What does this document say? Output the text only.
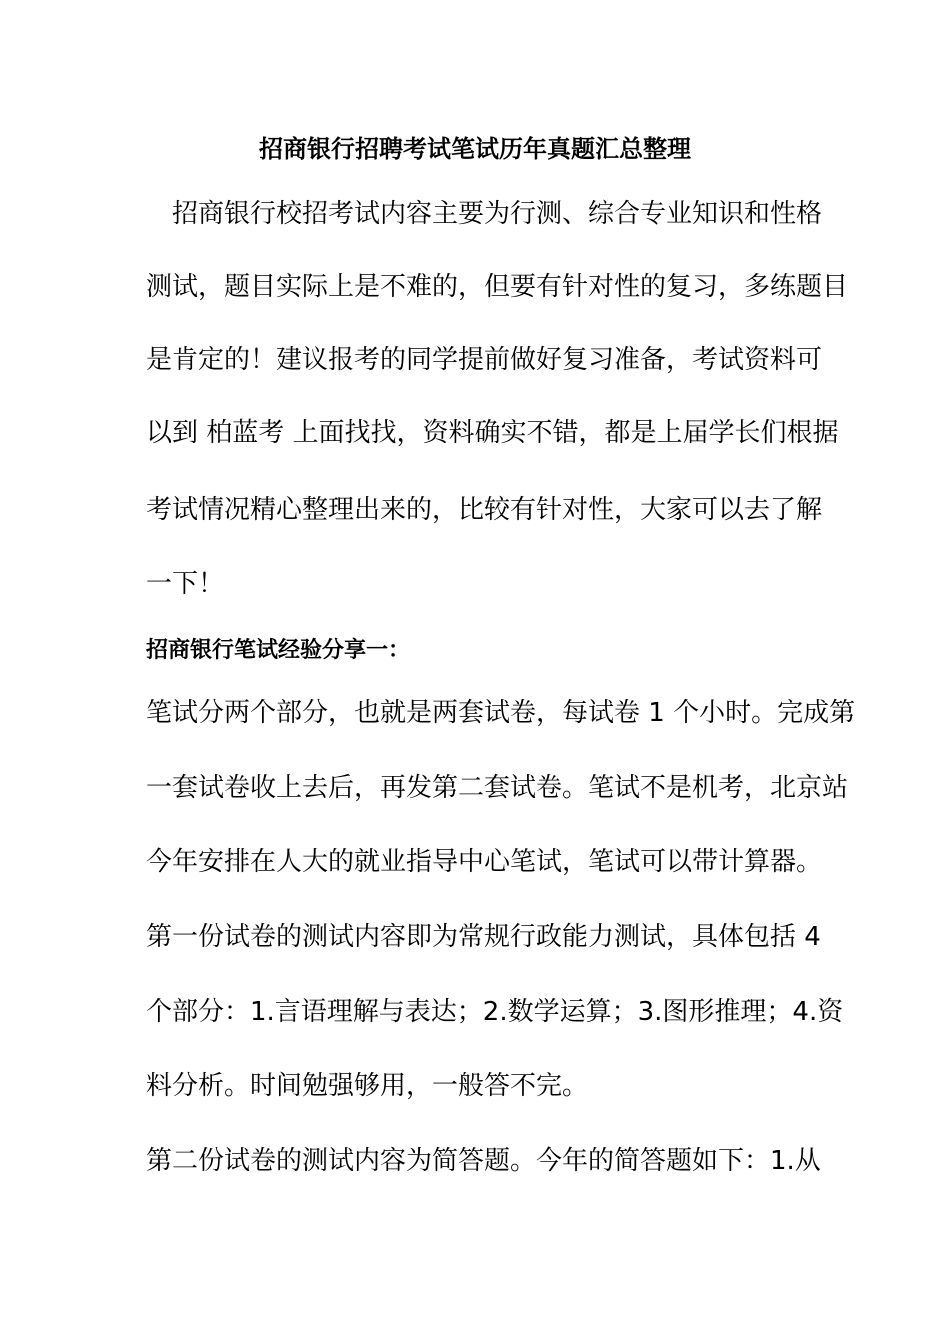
招商银行招聘考试笔试历年真题汇总整理

招商银行校招考试内容主要为行测、综合专业知识和性格

测试，题目实际上是不难的，但要有针对性的复习，多练题目

是肯定的！建议报考的同学提前做好复习准备，考试资料可

以到 柏蓝考 上面找找，资料确实不错，都是上届学长们根据

考试情况精心整理出来的，比较有针对性，大家可以去了解

一下！

招商银行笔试经验分享一：

笔试分两个部分，也就是两套试卷，每试卷 1 个小时。完成第

一套试卷收上去后，再发第二套试卷。笔试不是机考，北京站

今年安排在人大的就业指导中心笔试，笔试可以带计算器。

第一份试卷的测试内容即为常规行政能力测试，具体包括 4

个部分：1.言语理解与表达；2.数学运算；3.图形推理；4.资

料分析。时间勉强够用，一般答不完。

第二份试卷的测试内容为简答题。今年的简答题如下：1.从
